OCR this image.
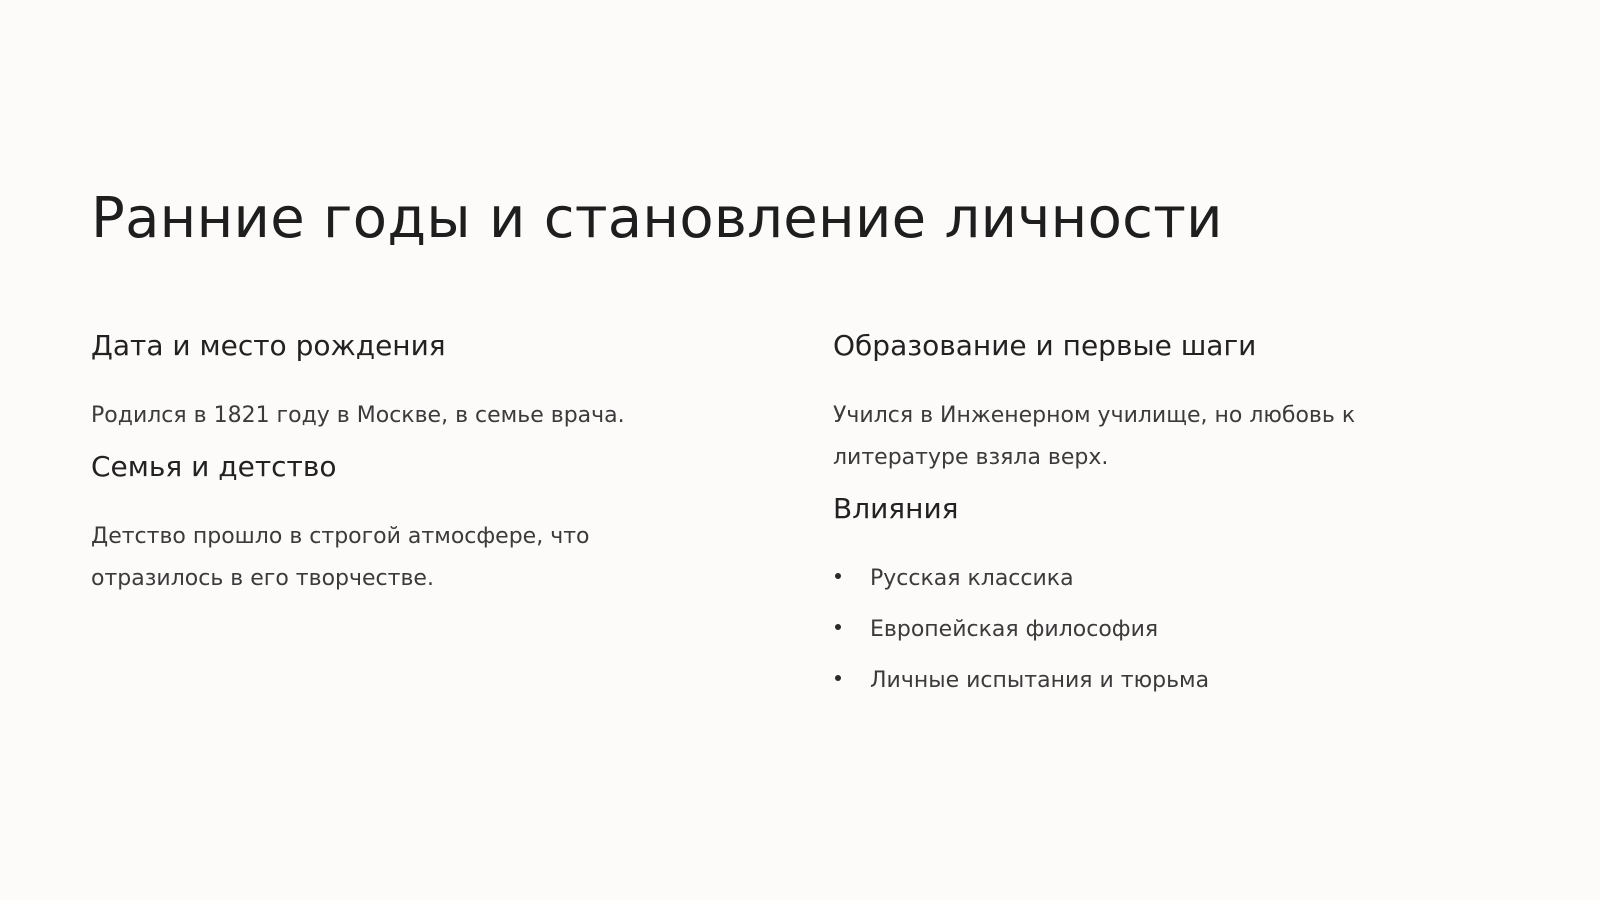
Ранние годы и становление личности
Дата и место рождения

Родился в 1821 году в Москве, в семье врача.

Семья и детство

Детство прошло в строгой атмосфере, что отразилось в его творчестве.

Образование и первые шаги

Учился в Инженерном училище, но любовь к литературе взяла верх.

Влияния
Русская классика
Европейская философия
Личные испытания и тюрьма
